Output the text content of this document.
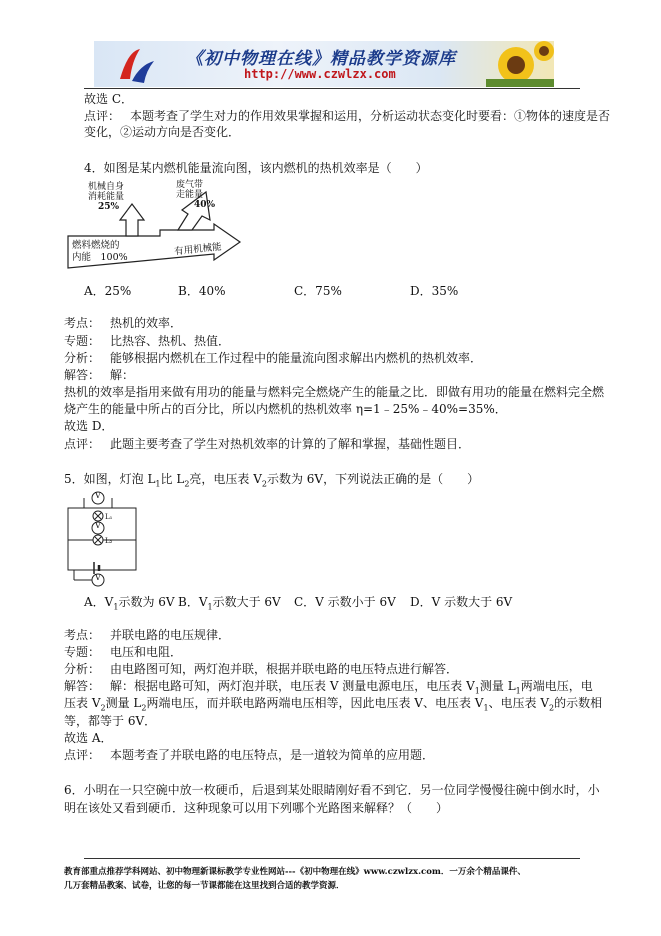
《初中物理在线》精品教学资源库
http://www.czwlzx.com
故选 C．
点评： 本题考查了学生对力的作用效果掌握和运用，分析运动状态变化时要看：①物体的速度是否
变化，②运动方向是否变化．
4．如图是某内燃机能量流向图，该内燃机的热机效率是（　　）
机械自身
消耗能量
25%
废气带
走能量
40%
燃料燃烧的
内能　100%
有用机械能
A．25%	B．40%	C．75%	D．35%
考点： 热机的效率．
专题： 比热容、热机、热值．
分析： 能够根据内燃机在工作过程中的能量流向图求解出内燃机的热机效率．
解答： 解：
热机的效率是指用来做有用功的能量与燃料完全燃烧产生的能量之比．即做有用功的能量在燃料完全燃
烧产生的能量中所占的百分比，所以内燃机的热机效率 η=1﹣25%﹣40%=35%．
故选 D．
点评： 此题主要考查了学生对热机效率的计算的了解和掌握，基础性题目．
5．如图，灯泡 $L_1$比 $L_2$亮，电压表 $V_2$示数为 6V，下列说法正确的是（　　）
V
V
V
L₁
L₂
A．$V_1$示数为 6V B．$V_1$示数大于 6V C．V 示数小于 6V D．V 示数大于 6V
考点： 并联电路的电压规律．
专题： 电压和电阻．
分析： 由电路图可知，两灯泡并联，根据并联电路的电压特点进行解答．
解答： 解：根据电路可知，两灯泡并联，电压表 V 测量电源电压，电压表 $V_1$测量 $L_1$两端电压，电
压表 $V_2$测量 $L_2$两端电压，而并联电路两端电压相等，因此电压表 V、电压表 $V_1$、电压表 $V_2$的示数相
等，都等于 6V．
故选 A．
点评： 本题考查了并联电路的电压特点，是一道较为简单的应用题．
6．小明在一只空碗中放一枚硬币，后退到某处眼睛刚好看不到它．另一位同学慢慢往碗中倒水时，小
明在该处又看到硬币．这种现象可以用下列哪个光路图来解释？（　　）
教育部重点推荐学科网站、初中物理新课标教学专业性网站---《初中物理在线》www.czwlzx.com．一万余个精品课件、
几万套精品教案、试卷，让您的每一节课都能在这里找到合适的教学资源．
